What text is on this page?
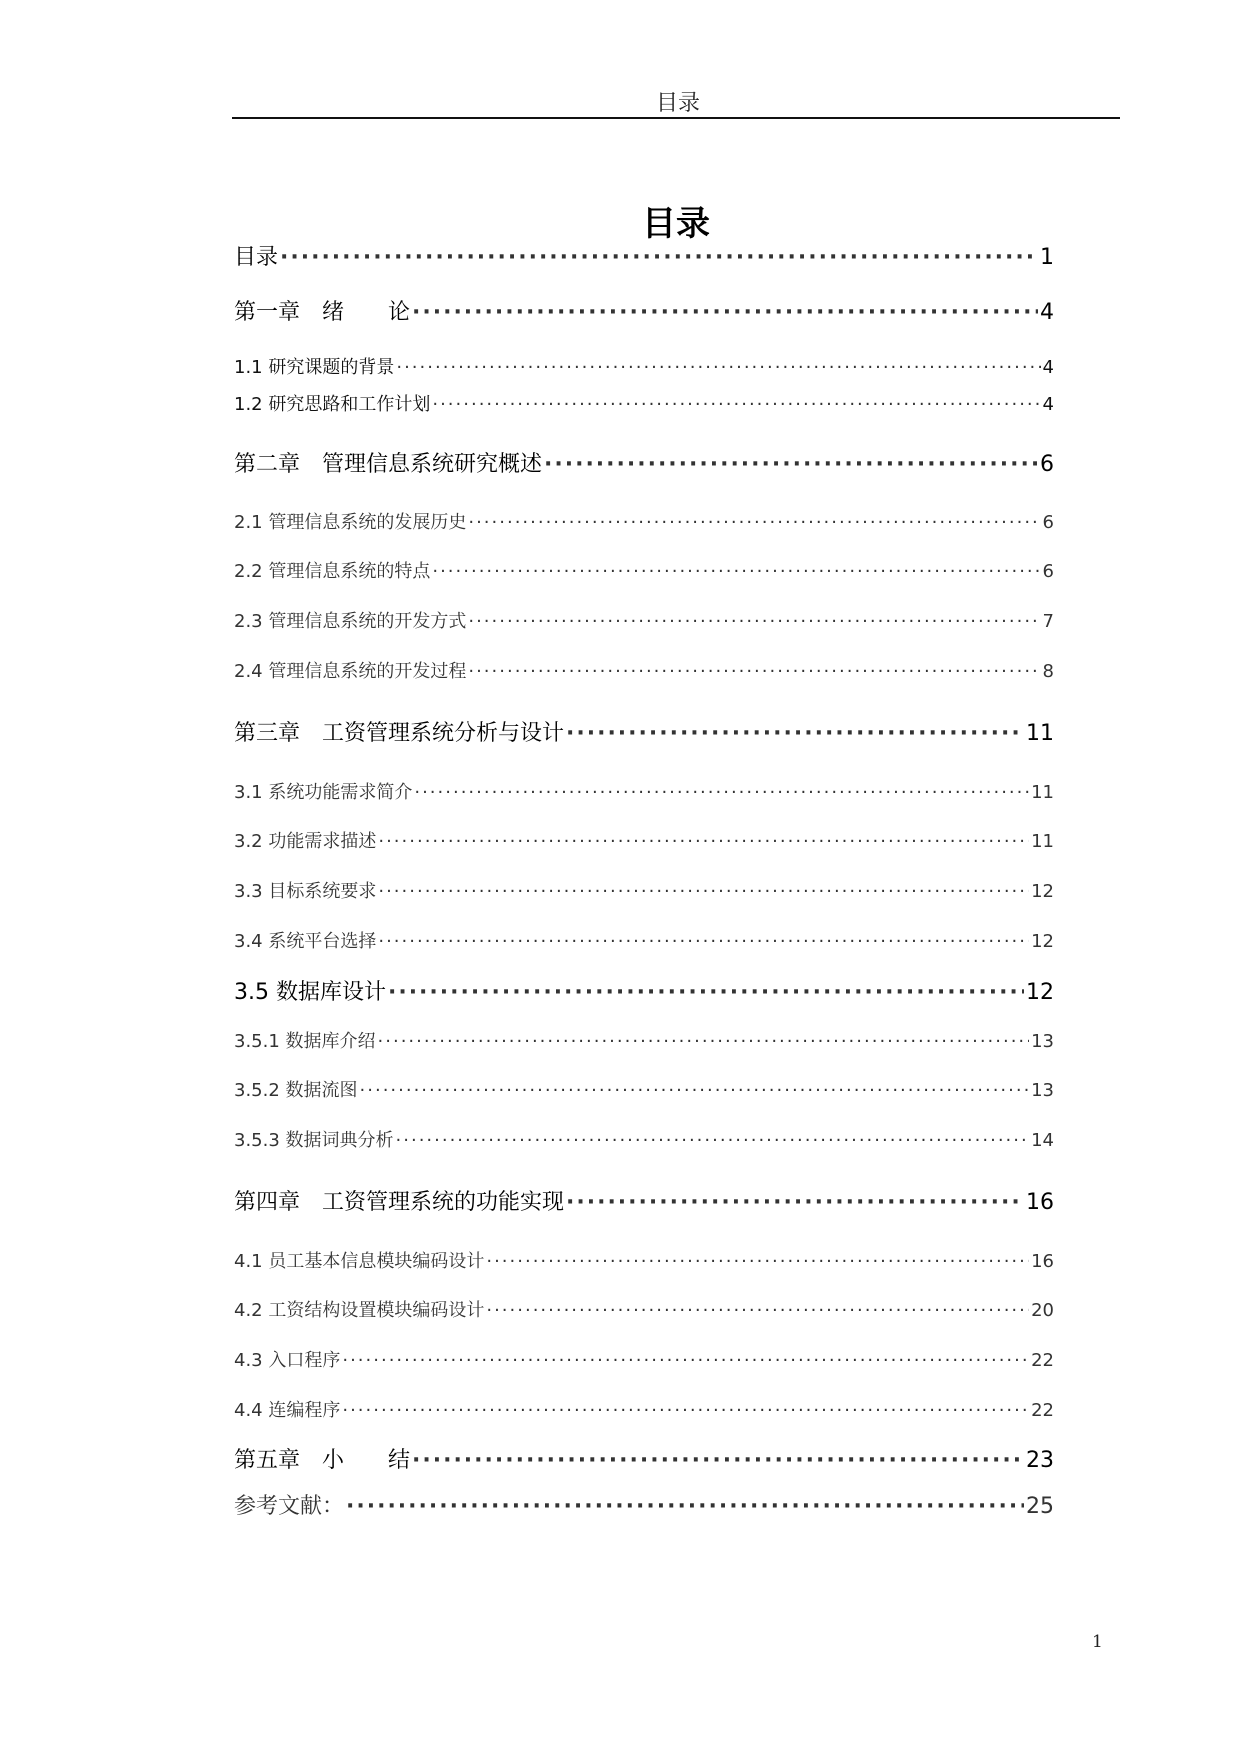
目录
目录
目录 ·····	1
第一章　绪　　论 ·····	4
1.1 研究课题的背景 ·····	4
1.2 研究思路和工作计划 ·····	4
第二章　管理信息系统研究概述 ·····	6
2.1 管理信息系统的发展历史 ·····	6
2.2 管理信息系统的特点 ·····	6
2.3 管理信息系统的开发方式 ·····	7
2.4 管理信息系统的开发过程 ·····	8
第三章　工资管理系统分析与设计 ·····	11
3.1 系统功能需求简介 ·····	11
3.2 功能需求描述 ·····	11
3.3 目标系统要求 ·····	12
3.4 系统平台选择 ·····	12
3.5 数据库设计 ·····	12
3.5.1 数据库介绍 ·····	13
3.5.2 数据流图 ·····	13
3.5.3 数据词典分析 ·····	14
第四章　工资管理系统的功能实现 ·····	16
4.1 员工基本信息模块编码设计 ·····	16
4.2 工资结构设置模块编码设计 ·····	20
4.3 入口程序 ·····	22
4.4 连编程序 ·····	22
第五章　小　　结 ·····	23
参考文献： ·····	25
1
